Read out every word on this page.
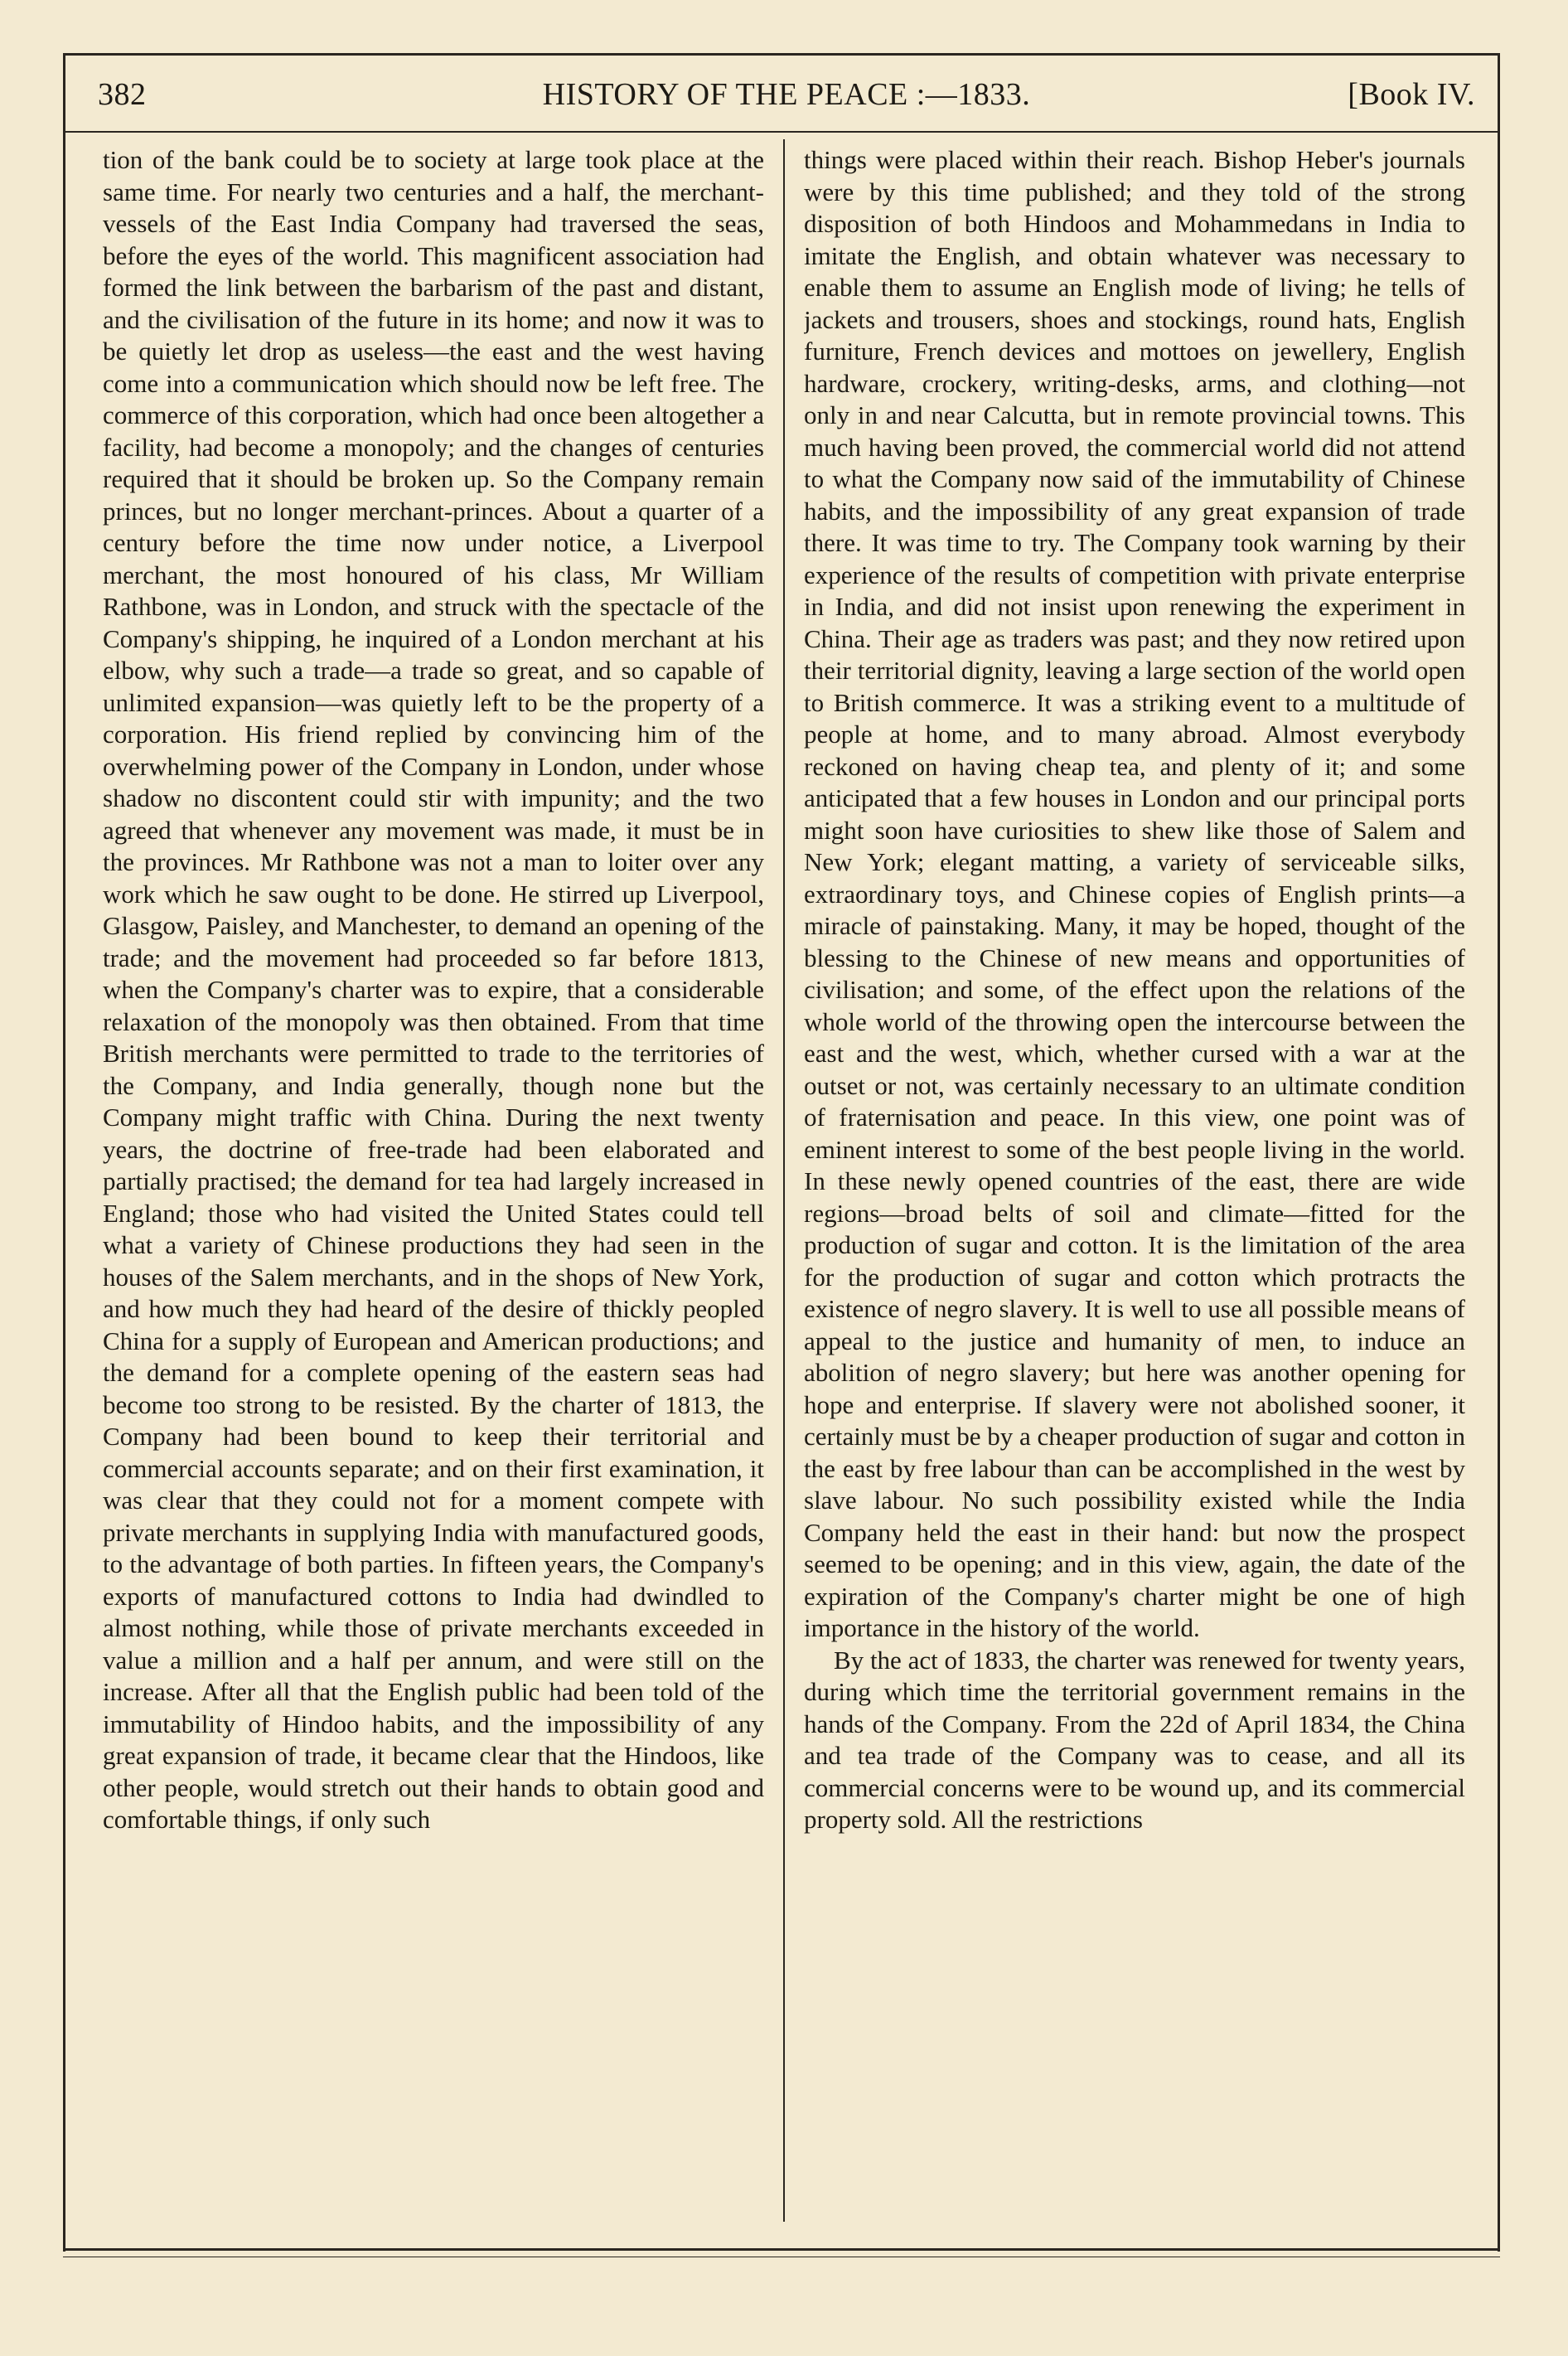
382	HISTORY OF THE PEACE :—1833.	[Book IV.

tion of the bank could be to society at large took place at the same time. For nearly two centuries and a half, the merchant-vessels of the East India Company had traversed the seas, before the eyes of the world. This magnificent association had formed the link between the barbarism of the past and distant, and the civilisation of the future in its home; and now it was to be quietly let drop as useless—the east and the west having come into a communication which should now be left free. The commerce of this corporation, which had once been altogether a facility, had become a monopoly; and the changes of centuries required that it should be broken up. So the Company remain princes, but no longer merchant-princes. About a quarter of a century before the time now under notice, a Liverpool merchant, the most honoured of his class, Mr William Rathbone, was in London, and struck with the spectacle of the Company's shipping, he inquired of a London merchant at his elbow, why such a trade—a trade so great, and so capable of unlimited expansion—was quietly left to be the property of a corporation. His friend replied by convincing him of the overwhelming power of the Company in London, under whose shadow no discontent could stir with impunity; and the two agreed that whenever any movement was made, it must be in the provinces. Mr Rathbone was not a man to loiter over any work which he saw ought to be done. He stirred up Liverpool, Glasgow, Paisley, and Manchester, to demand an opening of the trade; and the movement had proceeded so far before 1813, when the Company's charter was to expire, that a considerable relaxation of the monopoly was then obtained. From that time British merchants were permitted to trade to the territories of the Company, and India generally, though none but the Company might traffic with China. During the next twenty years, the doctrine of free-trade had been elaborated and partially practised; the demand for tea had largely increased in England; those who had visited the United States could tell what a variety of Chinese productions they had seen in the houses of the Salem merchants, and in the shops of New York, and how much they had heard of the desire of thickly peopled China for a supply of European and American productions; and the demand for a complete opening of the eastern seas had become too strong to be resisted. By the charter of 1813, the Company had been bound to keep their territorial and commercial accounts separate; and on their first examination, it was clear that they could not for a moment compete with private merchants in supplying India with manufactured goods, to the advantage of both parties. In fifteen years, the Company's exports of manufactured cottons to India had dwindled to almost nothing, while those of private merchants exceeded in value a million and a half per annum, and were still on the increase. After all that the English public had been told of the immutability of Hindoo habits, and the impossibility of any great expansion of trade, it became clear that the Hindoos, like other people, would stretch out their hands to obtain good and comfortable things, if only such

things were placed within their reach. Bishop Heber's journals were by this time published; and they told of the strong disposition of both Hindoos and Mohammedans in India to imitate the English, and obtain whatever was necessary to enable them to assume an English mode of living; he tells of jackets and trousers, shoes and stockings, round hats, English furniture, French devices and mottoes on jewellery, English hardware, crockery, writing-desks, arms, and clothing—not only in and near Calcutta, but in remote provincial towns. This much having been proved, the commercial world did not attend to what the Company now said of the immutability of Chinese habits, and the impossibility of any great expansion of trade there. It was time to try. The Company took warning by their experience of the results of competition with private enterprise in India, and did not insist upon renewing the experiment in China. Their age as traders was past; and they now retired upon their territorial dignity, leaving a large section of the world open to British commerce. It was a striking event to a multitude of people at home, and to many abroad. Almost everybody reckoned on having cheap tea, and plenty of it; and some anticipated that a few houses in London and our principal ports might soon have curiosities to shew like those of Salem and New York; elegant matting, a variety of serviceable silks, extraordinary toys, and Chinese copies of English prints—a miracle of painstaking. Many, it may be hoped, thought of the blessing to the Chinese of new means and opportunities of civilisation; and some, of the effect upon the relations of the whole world of the throwing open the intercourse between the east and the west, which, whether cursed with a war at the outset or not, was certainly necessary to an ultimate condition of fraternisation and peace. In this view, one point was of eminent interest to some of the best people living in the world. In these newly opened countries of the east, there are wide regions—broad belts of soil and climate—fitted for the production of sugar and cotton. It is the limitation of the area for the production of sugar and cotton which protracts the existence of negro slavery. It is well to use all possible means of appeal to the justice and humanity of men, to induce an abolition of negro slavery; but here was another opening for hope and enterprise. If slavery were not abolished sooner, it certainly must be by a cheaper production of sugar and cotton in the east by free labour than can be accomplished in the west by slave labour. No such possibility existed while the India Company held the east in their hand: but now the prospect seemed to be opening; and in this view, again, the date of the expiration of the Company's charter might be one of high importance in the history of the world.

By the act of 1833, the charter was renewed for twenty years, during which time the territorial government remains in the hands of the Company. From the 22d of April 1834, the China and tea trade of the Company was to cease, and all its commercial concerns were to be wound up, and its commercial property sold. All the restrictions
